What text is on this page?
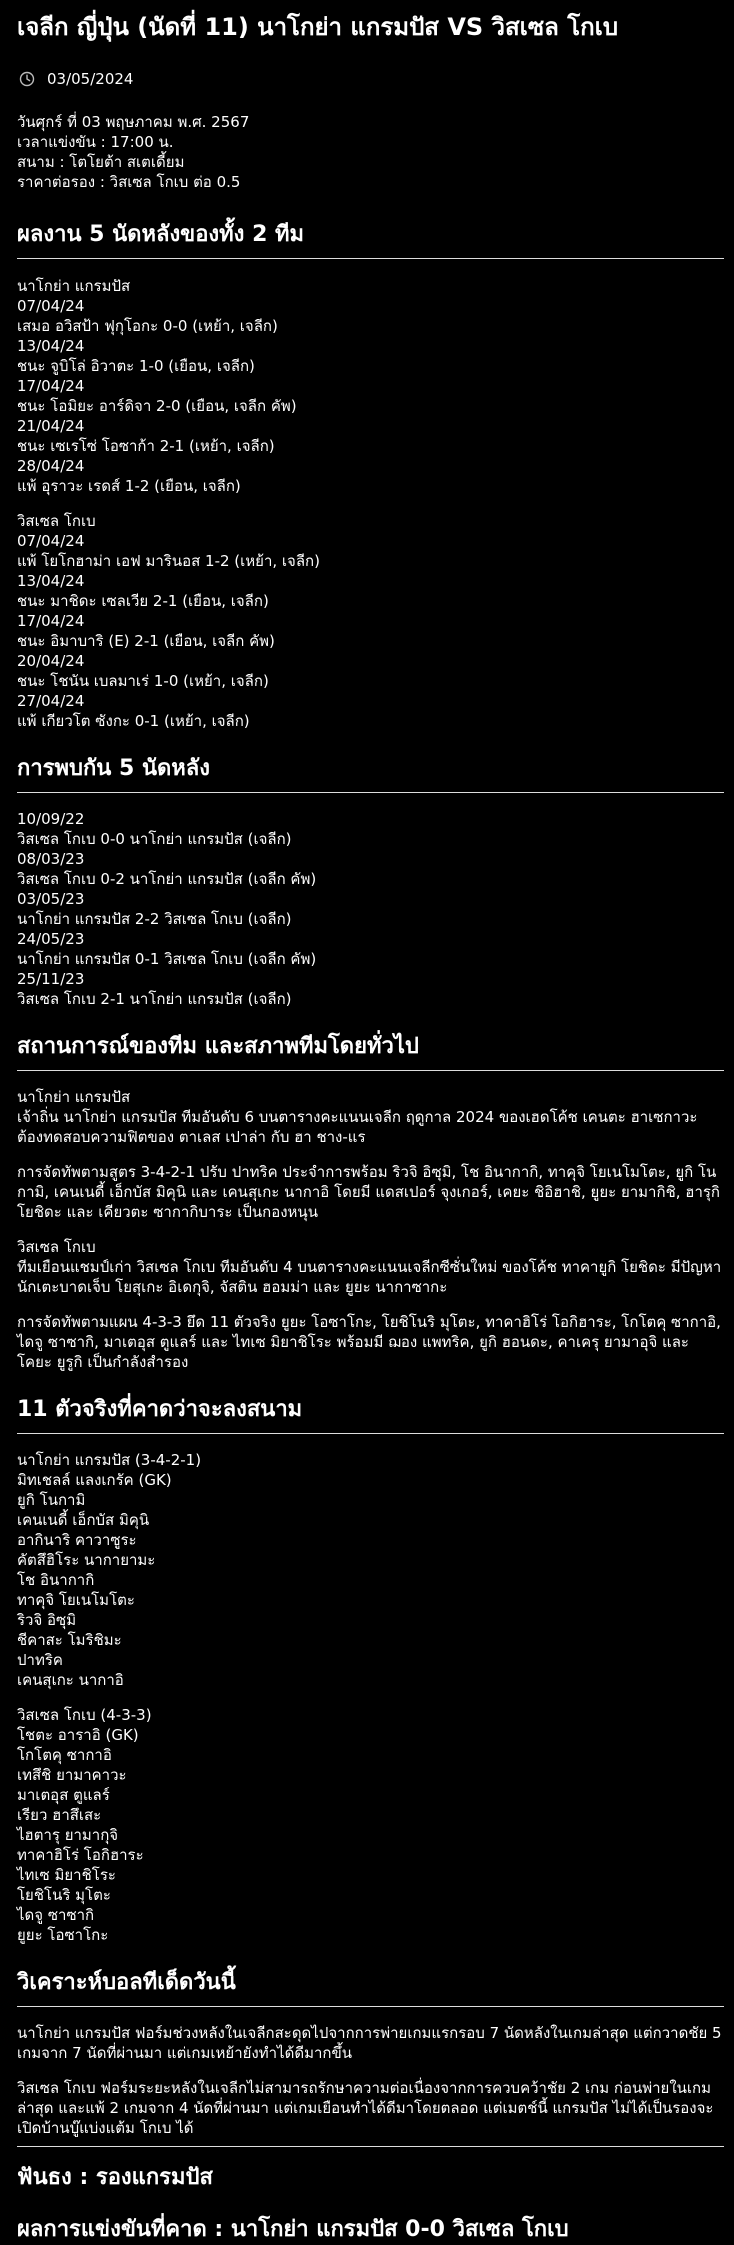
เจลีก ญี่ปุ่น (นัดที่ 11) นาโกย่า แกรมปัส VS วิสเซล โกเบ
03/05/2024

วันศุกร์ ที่ 03 พฤษภาคม พ.ศ. 2567

เวลาแข่งขัน : 17:00 น.

สนาม : โตโยต้า สเตเดี้ยม

ราคาต่อรอง : วิสเซล โกเบ ต่อ 0.5

ผลงาน 5 นัดหลังของทั้ง 2 ทีม

นาโกย่า แกรมปัส

07/04/24

เสมอ อวิสป้า ฟุกุโอกะ 0-0 (เหย้า, เจลีก)

13/04/24

ชนะ จูบิโล่ อิวาตะ 1-0 (เยือน, เจลีก)

17/04/24

ชนะ โอมิยะ อาร์ดิจา 2-0 (เยือน, เจลีก คัพ)

21/04/24

ชนะ เซเรโซ่ โอซาก้า 2-1 (เหย้า, เจลีก)

28/04/24

แพ้ อุราวะ เรดส์ 1-2 (เยือน, เจลีก)

วิสเซล โกเบ

07/04/24

แพ้ โยโกฮาม่า เอฟ มารินอส 1-2 (เหย้า, เจลีก)

13/04/24

ชนะ มาชิดะ เซลเวีย 2-1 (เยือน, เจลีก)

17/04/24

ชนะ อิมาบาริ (E) 2-1 (เยือน, เจลีก คัพ)

20/04/24

ชนะ โชนัน เบลมาเร่ 1-0 (เหย้า, เจลีก)

27/04/24

แพ้ เกียวโต ซังกะ 0-1 (เหย้า, เจลีก)

การพบกัน 5 นัดหลัง

10/09/22

วิสเซล โกเบ 0-0 นาโกย่า แกรมปัส (เจลีก)

08/03/23

วิสเซล โกเบ 0-2 นาโกย่า แกรมปัส (เจลีก คัพ)

03/05/23

นาโกย่า แกรมปัส 2-2 วิสเซล โกเบ (เจลีก)

24/05/23

นาโกย่า แกรมปัส 0-1 วิสเซล โกเบ (เจลีก คัพ)

25/11/23

วิสเซล โกเบ 2-1 นาโกย่า แกรมปัส (เจลีก)

สถานการณ์ของทีม และสภาพทีมโดยทั่วไป

นาโกย่า แกรมปัส

เจ้าถิ่น นาโกย่า แกรมปัส ทีมอันดับ 6 บนตารางคะแนนเจลีก ฤดูกาล 2024 ของเฮดโค้ช เคนตะ ฮาเซกาวะ ต้องทดสอบความฟิตของ ตาเลส เปาล่า กับ ฮา ชาง-แร

การจัดทัพตามสูตร 3-4-2-1 ปรับ ปาทริค ประจำการพร้อม ริวจิ อิซุมิ, โช อินากากิ, ทาคุจิ โยเนโมโตะ, ยูกิ โนกามิ, เคนเนดี้ เอ็กบัส มิคุนิ และ เคนสุเกะ นากาอิ โดยมี แดสเปอร์ จุงเกอร์, เคยะ ชิอิฮาชิ, ยูยะ ยามากิชิ, ฮารุกิ โยชิดะ และ เคียวตะ ซากากิบาระ เป็นกองหนุน

วิสเซล โกเบ

ทีมเยือนแชมป์เก่า วิสเซล โกเบ ทีมอันดับ 4 บนตารางคะแนนเจลีกซีซั่นใหม่ ของโค้ช ทาคายูกิ โยชิดะ มีปัญหานักเตะบาดเจ็บ โยสุเกะ อิเดกุจิ, จัสติน ฮอมม่า และ ยูยะ นากาซากะ

การจัดทัพตามแผน 4-3-3 ยึด 11 ตัวจริง ยูยะ โอซาโกะ, โยชิโนริ มุโตะ, ทาคาฮิโร่ โอกิฮาระ, โกโตคุ ซากาอิ, ไดจู ซาซากิ, มาเตอุส ตูแลร์ และ ไทเซ มิยาชิโระ พร้อมมี ฌอง แพทริค, ยูกิ ฮอนดะ, คาเครุ ยามาอุจิ และ โคยะ ยูรูกิ เป็นกำลังสำรอง

11 ตัวจริงที่คาดว่าจะลงสนาม

นาโกย่า แกรมปัส (3-4-2-1)

มิทเชลล์ แลงเกรัค (GK)

ยูกิ โนกามิ

เคนเนดี้ เอ็กบัส มิคุนิ

อากินาริ คาวาซูระ

คัตสึฮิโระ นากายามะ

โช อินากากิ

ทาคุจิ โยเนโมโตะ

ริวจิ อิซุมิ

ชีคาสะ โมริชิมะ

ปาทริค

เคนสุเกะ นากาอิ

วิสเซล โกเบ (4-3-3)

โชตะ อาราอิ (GK)

โกโตคุ ซากาอิ

เทสึชิ ยามาคาวะ

มาเตอุส ตูแลร์

เรียว ฮาสึเสะ

ไฮตารุ ยามากุจิ

ทาคาฮิโร่ โอกิฮาระ

ไทเซ มิยาชิโระ

โยชิโนริ มุโตะ

ไดจู ซาซากิ

ยูยะ โอซาโกะ

วิเคราะห์บอลทีเด็ดวันนี้

นาโกย่า แกรมปัส ฟอร์มช่วงหลังในเจลีกสะดุดไปจากการพ่ายเกมแรกรอบ 7 นัดหลังในเกมล่าสุด แต่กวาดชัย 5 เกมจาก 7 นัดที่ผ่านมา แต่เกมเหย้ายังทำได้ดีมากขึ้น

วิสเซล โกเบ ฟอร์มระยะหลังในเจลีกไม่สามารถรักษาความต่อเนื่องจากการควบคว้าชัย 2 เกม ก่อนพ่ายในเกมล่าสุด และแพ้ 2 เกมจาก 4 นัดที่ผ่านมา แต่เกมเยือนทำได้ดีมาโดยตลอด แต่เมตช์นี้ แกรมปัส ไม่ได้เป็นรองจะเปิดบ้านบู๊แบ่งแต้ม โกเบ ได้

ฟันธง : รองแกรมปัส
ผลการแข่งขันที่คาด : นาโกย่า แกรมปัส 0-0 วิสเซล โกเบ
